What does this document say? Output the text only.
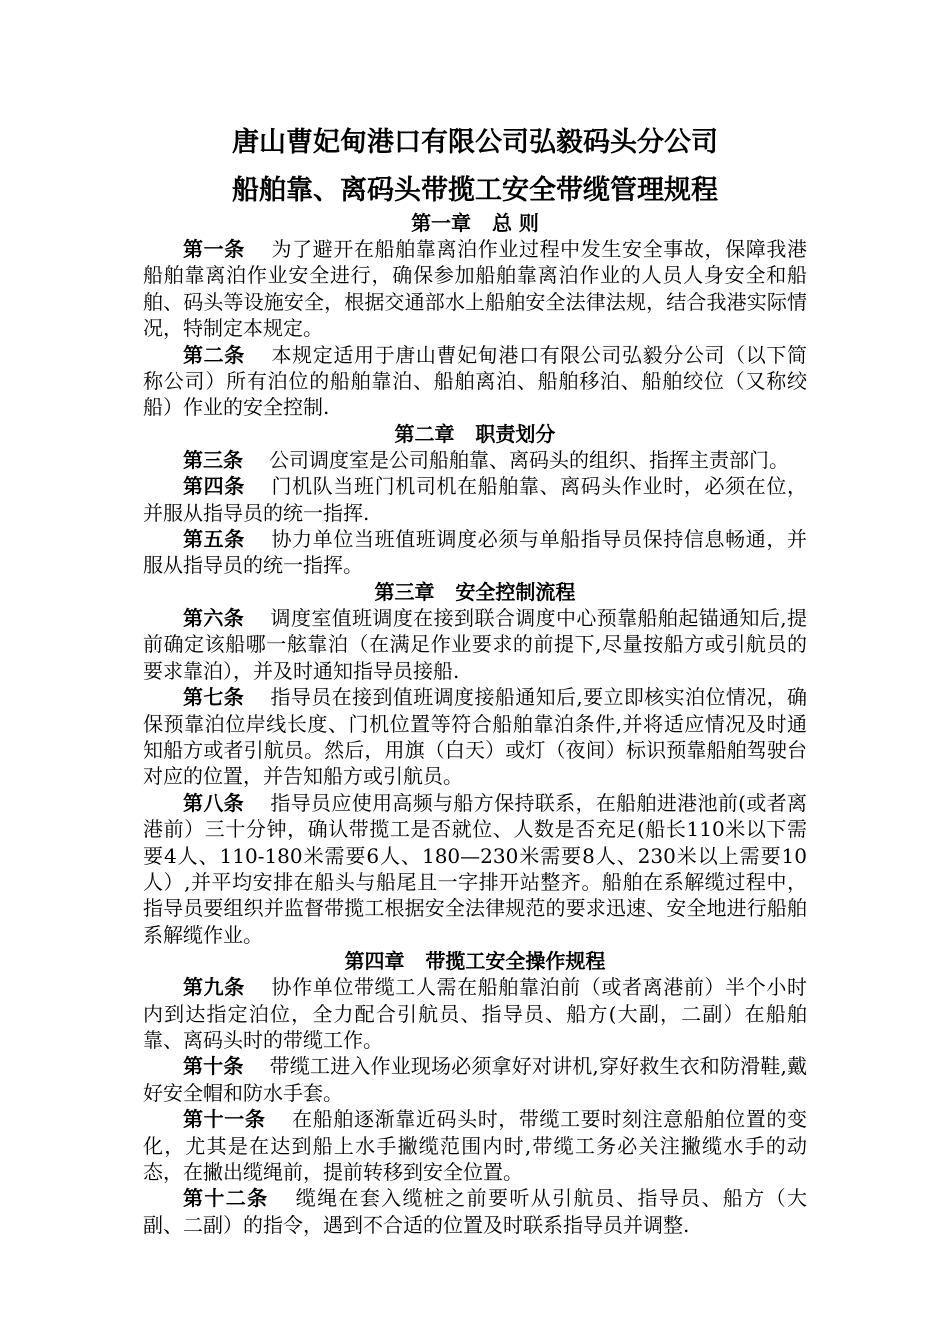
唐山曹妃甸港口有限公司弘毅码头分公司
船舶靠、离码头带揽工安全带缆管理规程
第一章   总 则

第一条 为了避开在船舶靠离泊作业过程中发生安全事故，保障我港船舶靠离泊作业安全进行，确保参加船舶靠离泊作业的人员人身安全和船舶、码头等设施安全，根据交通部水上船舶安全法律法规，结合我港实际情况，特制定本规定。

第二条 本规定适用于唐山曹妃甸港口有限公司弘毅分公司（以下简称公司）所有泊位的船舶靠泊、船舶离泊、船舶移泊、船舶绞位（又称绞船）作业的安全控制.

第二章   职责划分

第三条 公司调度室是公司船舶靠、离码头的组织、指挥主责部门。

第四条 门机队当班门机司机在船舶靠、离码头作业时，必须在位，并服从指导员的统一指挥.

第五条 协力单位当班值班调度必须与单船指导员保持信息畅通，并服从指导员的统一指挥。

第三章   安全控制流程

第六条 调度室值班调度在接到联合调度中心预靠船舶起锚通知后,提前确定该船哪一舷靠泊（在满足作业要求的前提下,尽量按船方或引航员的要求靠泊），并及时通知指导员接船.

第七条 指导员在接到值班调度接船通知后,要立即核实泊位情况，确保预靠泊位岸线长度、门机位置等符合船舶靠泊条件,并将适应情况及时通知船方或者引航员。然后，用旗（白天）或灯（夜间）标识预靠船舶驾驶台对应的位置，并告知船方或引航员。

第八条 指导员应使用高频与船方保持联系，在船舶进港池前(或者离港前）三十分钟，确认带揽工是否就位、人数是否充足(船长110米以下需要4人、110-180米需要6人、180—230米需要8人、230米以上需要10人）,并平均安排在船头与船尾且一字排开站整齐。船舶在系解缆过程中，指导员要组织并监督带揽工根据安全法律规范的要求迅速、安全地进行船舶系解缆作业。

第四章   带揽工安全操作规程

第九条 协作单位带缆工人需在船舶靠泊前（或者离港前）半个小时内到达指定泊位，全力配合引航员、指导员、船方(大副，二副）在船舶靠、离码头时的带缆工作。

第十条 带缆工进入作业现场必须拿好对讲机,穿好救生衣和防滑鞋,戴好安全帽和防水手套。

第十一条 在船舶逐渐靠近码头时，带缆工要时刻注意船舶位置的变化，尤其是在达到船上水手撇缆范围内时,带缆工务必关注撇缆水手的动态，在撇出缆绳前，提前转移到安全位置。

第十二条 缆绳在套入缆桩之前要听从引航员、指导员、船方（大副、二副）的指令，遇到不合适的位置及时联系指导员并调整.
